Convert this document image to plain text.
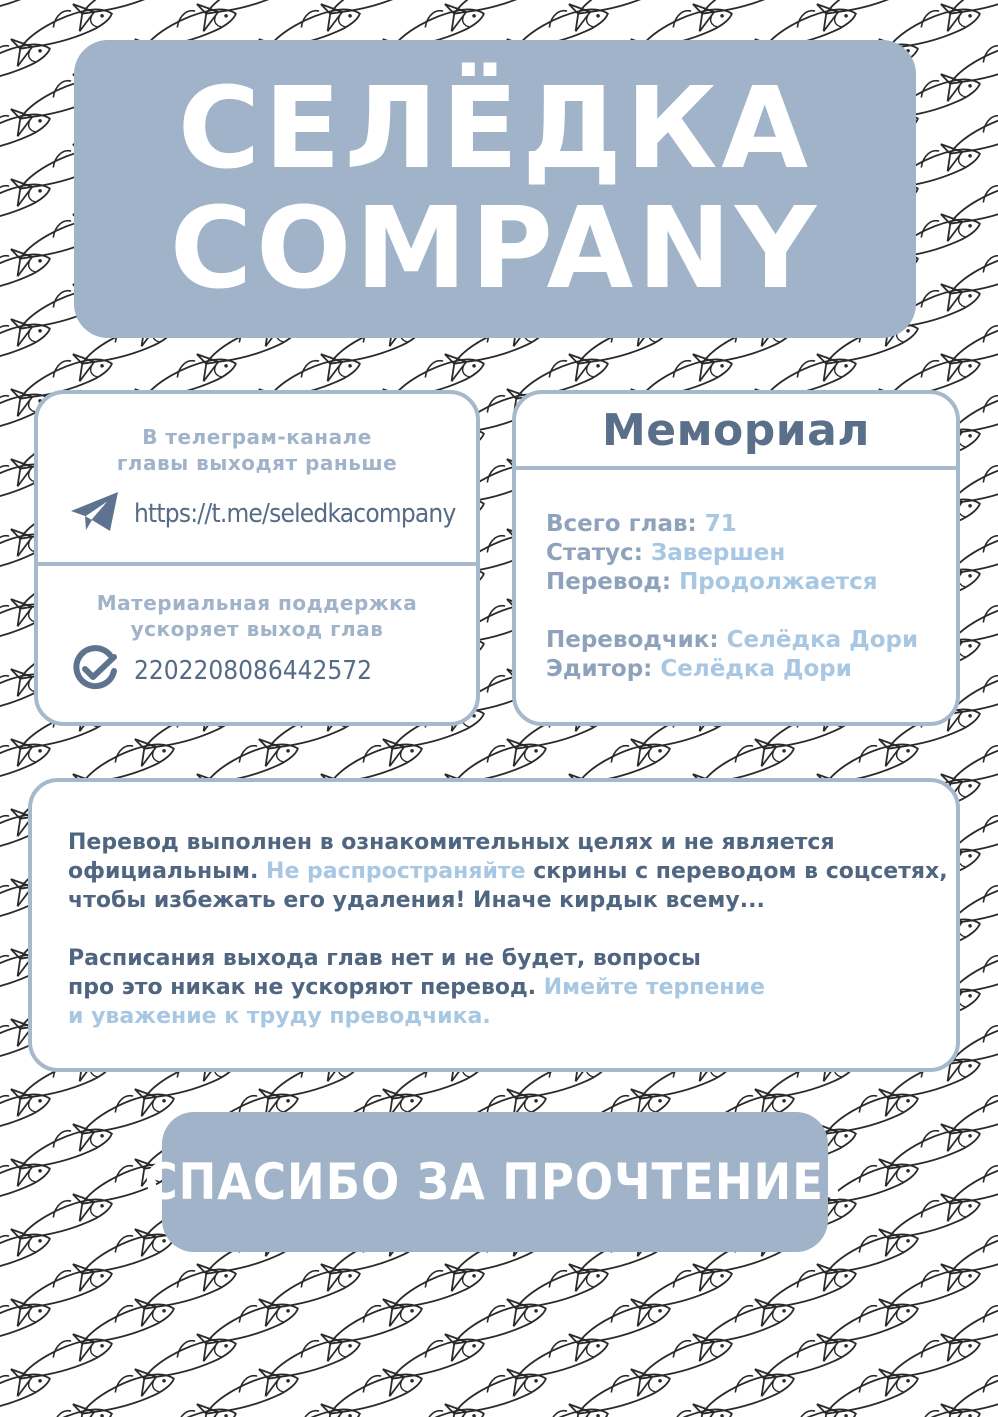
СЕЛЁДКА
COMPANY
В телеграм-канале
главы выходят раньше
https://t.me/seledkacompany
Материальная поддержка
ускоряет выход глав
2202208086442572
Мемориал
Всего глав: 71
Статус: Завершен
Перевод: Продолжается
Переводчик: Селёдка Дори
Эдитор: Селёдка Дори
Перевод выполнен в ознакомительных целях и не является
официальным. Не распространяйте скрины с переводом в соцсетях,
чтобы избежать его удаления! Иначе кирдык всему...
Расписания выхода глав нет и не будет, вопросы
про это никак не ускоряют перевод. Имейте терпение
и уважение к труду преводчика.
СПАСИБО ЗА ПРОЧТЕНИЕ!
